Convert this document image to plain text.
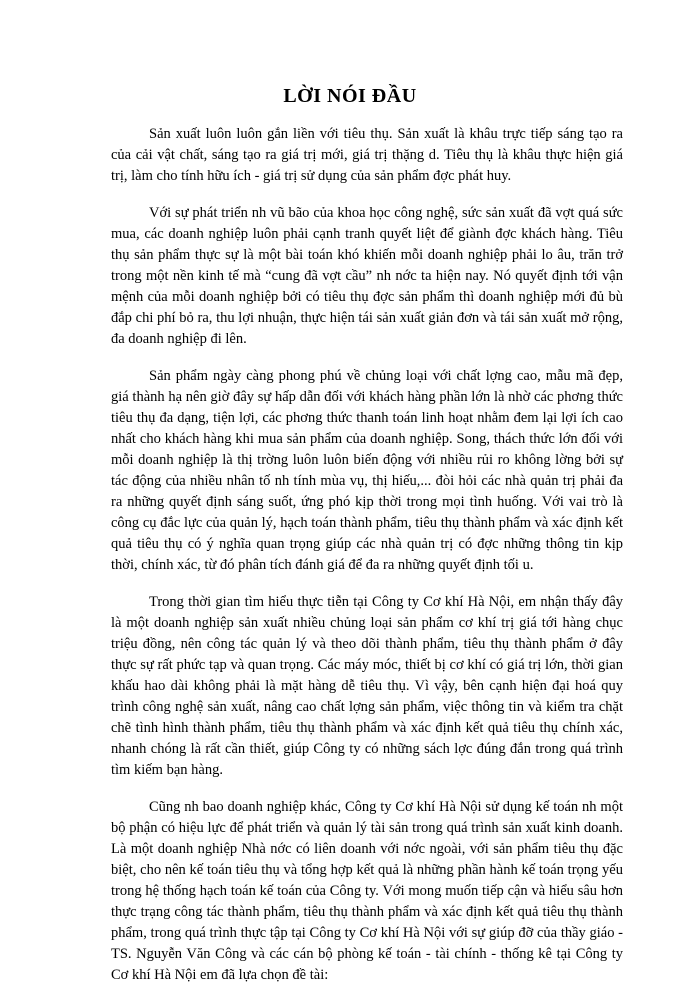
LỜI NÓI ĐẦU

Sản xuất luôn luôn gắn liền với tiêu thụ. Sản xuất là khâu trực tiếp sáng tạo ra của cải vật chất, sáng tạo ra giá trị mới, giá trị thặng d. Tiêu thụ là khâu thực hiện giá trị, làm cho tính hữu ích - giá trị sử dụng của sản phẩm đợc phát huy.

Với sự phát triển nh vũ bão của khoa học công nghệ, sức sản xuất đã vợt quá sức mua, các doanh nghiệp luôn phải cạnh tranh quyết liệt để giành đợc khách hàng. Tiêu thụ sản phẩm thực sự là một bài toán khó khiến mỗi doanh nghiệp phải lo âu, trăn trở trong một nền kinh tế mà “cung đã vợt cầu” nh nớc ta hiện nay. Nó quyết định tới vận mệnh của mỗi doanh nghiệp bởi có tiêu thụ đợc sản phẩm thì doanh nghiệp mới đủ bù đắp chi phí bỏ ra, thu lợi nhuận, thực hiện tái sản xuất giản đơn và tái sản xuất mở rộng, đa doanh nghiệp đi lên.

Sản phẩm ngày càng phong phú về chủng loại với chất lợng cao, mẫu mã đẹp, giá thành hạ nên giờ đây sự hấp dẫn đối với khách hàng phần lớn là nhờ các phơng thức tiêu thụ đa dạng, tiện lợi, các phơng thức thanh toán linh hoạt nhằm đem lại lợi ích cao nhất cho khách hàng khi mua sản phẩm của doanh nghiệp. Song, thách thức lớn đối với mỗi doanh nghiệp là thị trờng luôn luôn biến động với nhiều rủi ro không lờng bởi sự tác động của nhiều nhân tố nh tính mùa vụ, thị hiếu,... đòi hỏi các nhà quản trị phải đa ra những quyết định sáng suốt, ứng phó kịp thời trong mọi tình huống. Với vai trò là công cụ đắc lực của quản lý, hạch toán thành phẩm, tiêu thụ thành phẩm và xác định kết quả tiêu thụ có ý nghĩa quan trọng giúp các nhà quản trị có đợc những thông tin kịp thời, chính xác, từ đó phân tích đánh giá để đa ra những quyết định tối u.

Trong thời gian tìm hiểu thực tiễn tại Công ty Cơ khí Hà Nội, em nhận thấy đây là một doanh nghiệp sản xuất nhiều chủng loại sản phẩm cơ khí trị giá tới hàng chục triệu đồng, nên công tác quản lý và theo dõi thành phẩm, tiêu thụ thành phẩm ở đây thực sự rất phức tạp và quan trọng. Các máy móc, thiết bị cơ khí có giá trị lớn, thời gian khấu hao dài không phải là mặt hàng dễ tiêu thụ. Vì vậy, bên cạnh hiện đại hoá quy trình công nghệ sản xuất, nâng cao chất lợng sản phẩm, việc thông tin và kiểm tra chặt chẽ tình hình thành phẩm, tiêu thụ thành phẩm và xác định kết quả tiêu thụ chính xác, nhanh chóng là rất cần thiết, giúp Công ty có những sách lợc đúng đắn trong quá trình tìm kiếm bạn hàng.

Cũng nh bao doanh nghiệp khác, Công ty Cơ khí Hà Nội sử dụng kế toán nh một bộ phận có hiệu lực để phát triển và quản lý tài sản trong quá trình sản xuất kinh doanh. Là một doanh nghiệp Nhà nớc có liên doanh với nớc ngoài, với sản phẩm tiêu thụ đặc biệt, cho nên kế toán tiêu thụ và tổng hợp kết quả là những phần hành kế toán trọng yếu trong hệ thống hạch toán kế toán của Công ty. Với mong muốn tiếp cận và hiểu sâu hơn thực trạng công tác thành phẩm, tiêu thụ thành phẩm và xác định kết quả tiêu thụ thành phẩm, trong quá trình thực tập tại Công ty Cơ khí Hà Nội với sự giúp đỡ của thầy giáo - TS. Nguyễn Văn Công và các cán bộ phòng kế toán - tài chính - thống kê tại Công ty Cơ khí Hà Nội em đã lựa chọn đề tài:
